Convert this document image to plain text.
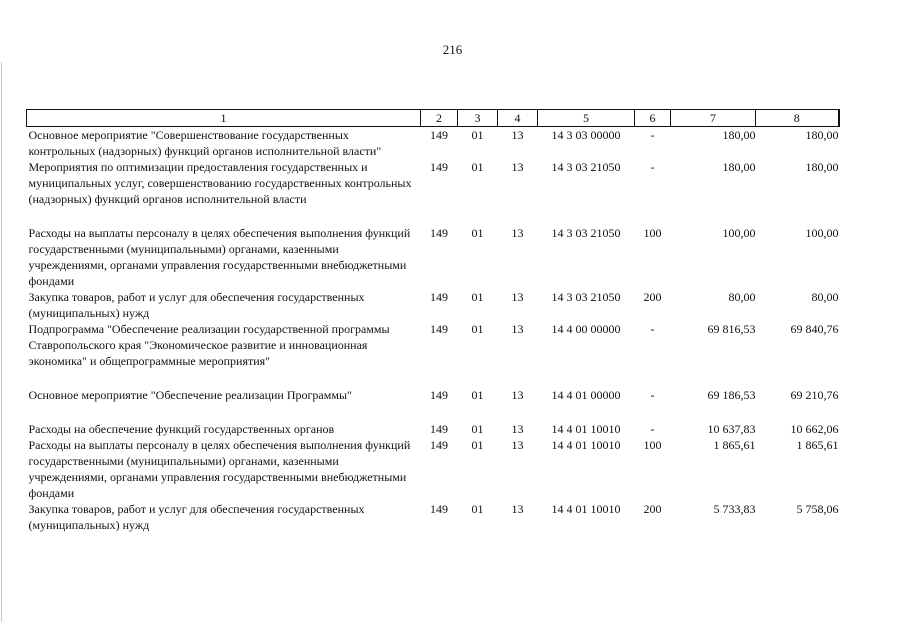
216
1	2	3	4	5	6	7	8
Основное мероприятие "Совершенствование государственных контрольных (надзорных) функций органов исполнительной власти"	149	01	13	14 3 03 00000	-	180,00	180,00
Мероприятия по оптимизации предоставления государственных и муниципальных услуг, совершенствованию государственных контрольных (надзорных) функций органов исполнительной власти	149	01	13	14 3 03 21050	-	180,00	180,00
Расходы на выплаты персоналу в целях обеспечения выполнения функций государственными (муниципальными) органами, казенными учреждениями, органами управления государственными внебюджетными фондами	149	01	13	14 3 03 21050	100	100,00	100,00
Закупка товаров, работ и услуг для обеспечения государственных (муниципальных) нужд	149	01	13	14 3 03 21050	200	80,00	80,00
Подпрограмма "Обеспечение реализации государственной программы Ставропольского края "Экономическое развитие и инновационная экономика" и общепрограммные мероприятия"	149	01	13	14 4 00 00000	-	69 816,53	69 840,76
Основное мероприятие "Обеспечение реализации Программы"	149	01	13	14 4 01 00000	-	69 186,53	69 210,76
Расходы на обеспечение функций государственных органов	149	01	13	14 4 01 10010	-	10 637,83	10 662,06
Расходы на выплаты персоналу в целях обеспечения выполнения функций государственными (муниципальными) органами, казенными учреждениями, органами управления государственными внебюджетными фондами	149	01	13	14 4 01 10010	100	1 865,61	1 865,61
Закупка товаров, работ и услуг для обеспечения государственных (муниципальных) нужд	149	01	13	14 4 01 10010	200	5 733,83	5 758,06
